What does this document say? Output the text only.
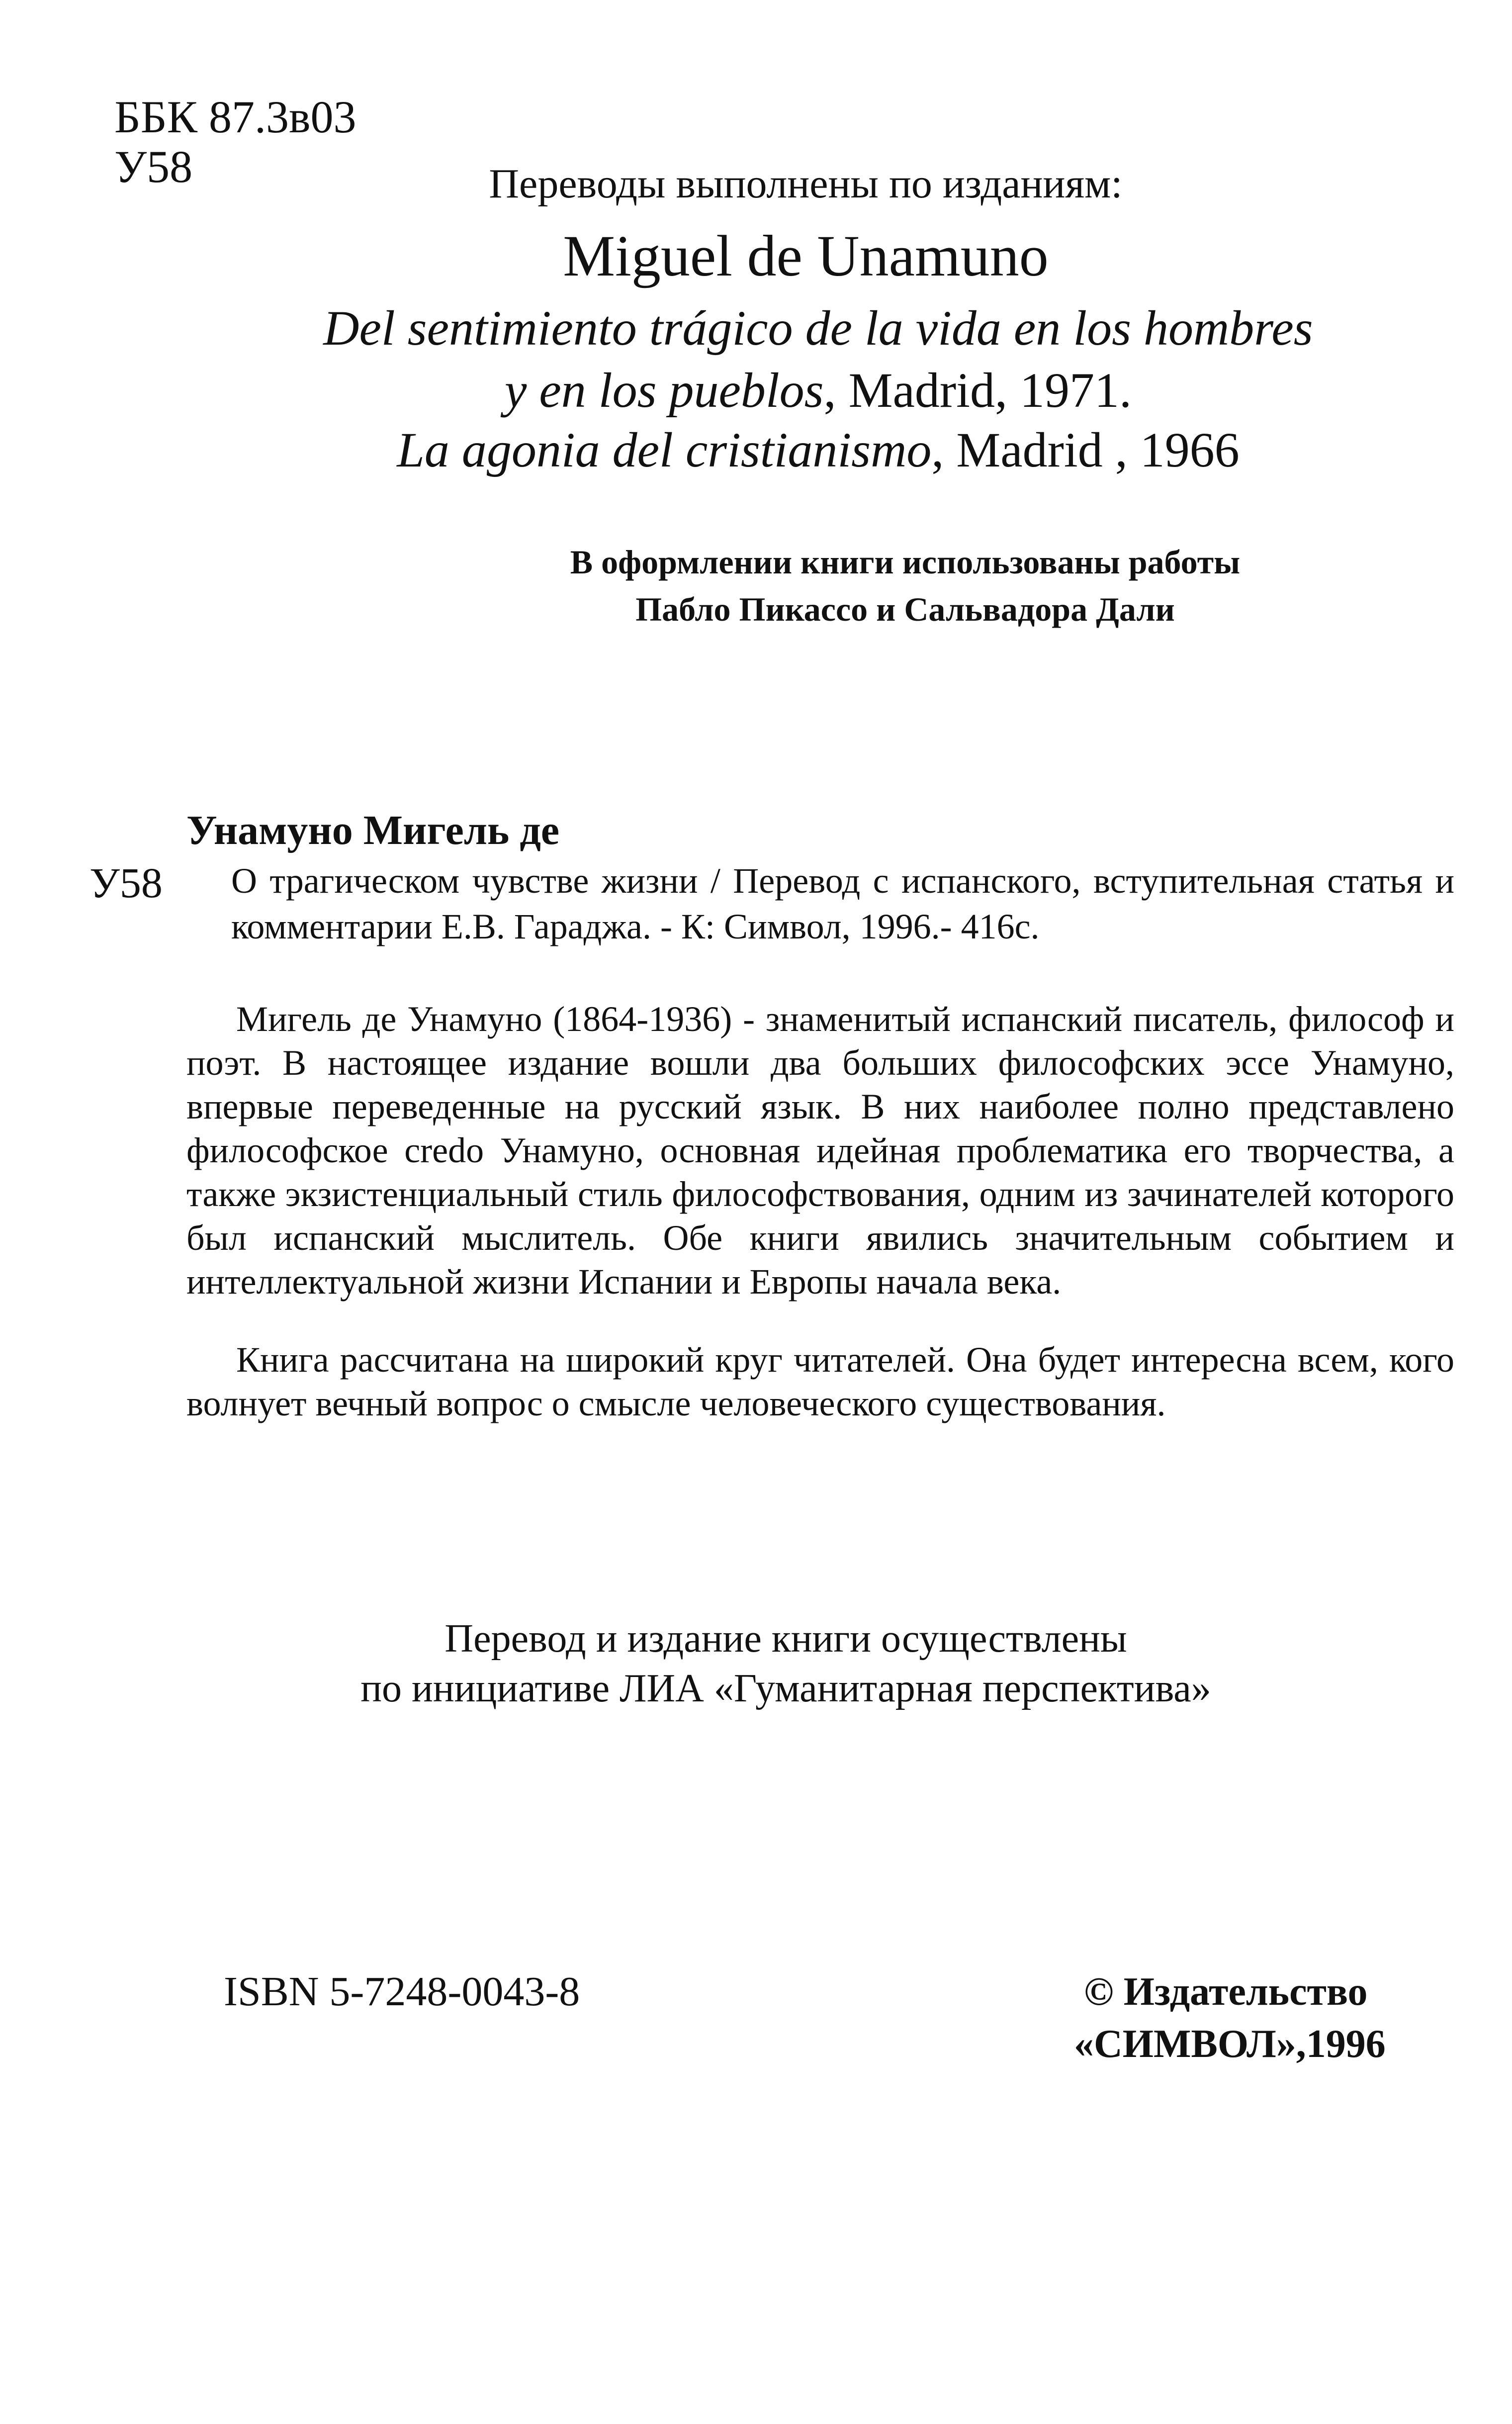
ББК 87.3в03
У58	Переводы выполнены по изданиям:
Miguel de Unamuno
Del sentimiento trágico de la vida en los hombres
y en los pueblos, Madrid, 1971.
La agonia del cristianismo, Madrid , 1966
В оформлении книги использованы работы
Пабло Пикассо и Сальвадора Дали
Унамуно Мигель де
У58 О трагическом чувстве жизни / Перевод с испанского, вступительная статья и комментарии Е.В. Гараджа. - К: Символ, 1996.- 416с.

Мигель де Унамуно (1864-1936) - знаменитый испанский писатель, философ и поэт. В настоящее издание вошли два больших философских эссе Унамуно, впервые переведенные на русский язык. В них наиболее полно представлено философское credo Унамуно, основная идейная проблематика его творчества, а также экзистенциальный стиль философствования, одним из зачинателей которого был испанский мыслитель. Обе книги явились значительным событием и интеллектуальной жизни Испании и Европы начала века.

Книга рассчитана на широкий круг читателей. Она будет интересна всем, кого волнует вечный вопрос о смысле человеческого существования.

Перевод и издание книги осуществлены
по инициативе ЛИА «Гуманитарная перспектива»
ISBN 5-7248-0043-8	© Издательство
«СИМВОЛ»,1996
